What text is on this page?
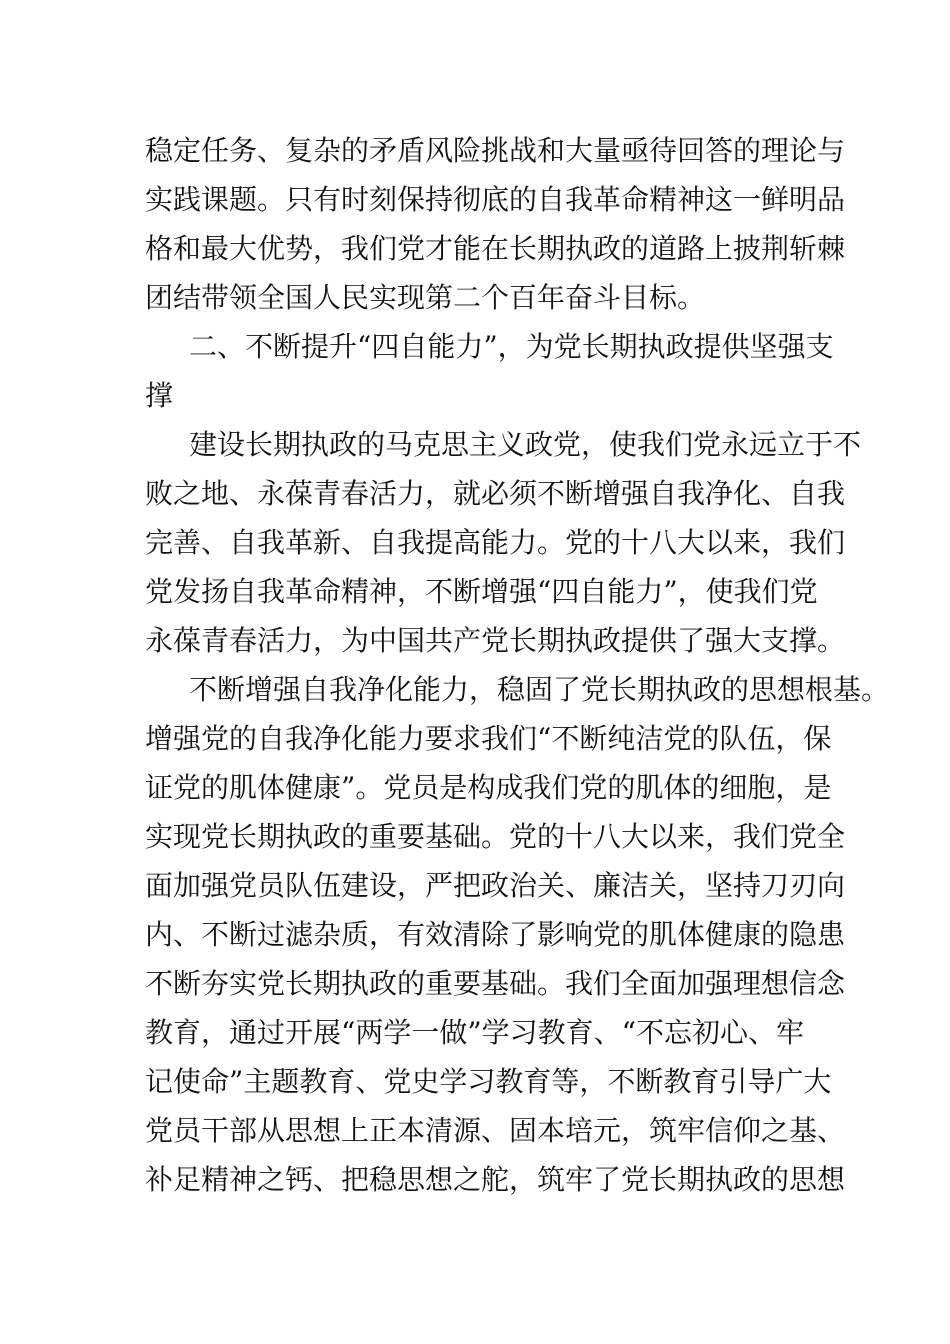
稳定任务、复杂的矛盾风险挑战和大量亟待回答的理论与
实践课题。只有时刻保持彻底的自我革命精神这一鲜明品
格和最大优势，我们党才能在长期执政的道路上披荆斩棘
团结带领全国人民实现第二个百年奋斗目标。
二、不断提升“四自能力”，为党长期执政提供坚强支
撑
建设长期执政的马克思主义政党，使我们党永远立于不
败之地、永葆青春活力，就必须不断增强自我净化、自我
完善、自我革新、自我提高能力。党的十八大以来，我们
党发扬自我革命精神，不断增强“四自能力”，使我们党
永葆青春活力，为中国共产党长期执政提供了强大支撑。
不断增强自我净化能力，稳固了党长期执政的思想根基。
增强党的自我净化能力要求我们“不断纯洁党的队伍，保
证党的肌体健康”。党员是构成我们党的肌体的细胞，是
实现党长期执政的重要基础。党的十八大以来，我们党全
面加强党员队伍建设，严把政治关、廉洁关，坚持刀刃向
内、不断过滤杂质，有效清除了影响党的肌体健康的隐患
不断夯实党长期执政的重要基础。我们全面加强理想信念
教育，通过开展“两学一做”学习教育、“不忘初心、牢
记使命”主题教育、党史学习教育等，不断教育引导广大
党员干部从思想上正本清源、固本培元，筑牢信仰之基、
补足精神之钙、把稳思想之舵，筑牢了党长期执政的思想
